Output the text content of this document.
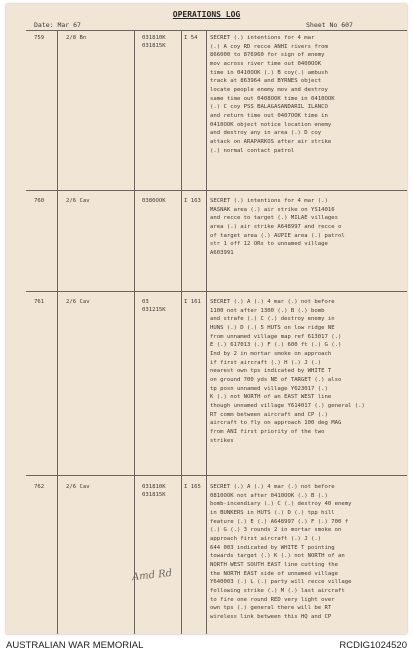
OPERATIONS LOG
Date: Mar 67	Sheet No 607
759	2/8 Bn	031810K
031815K
I 54 SECRET (.) intentions for 4 mar
(.) A coy RD recce ANHI rivers from
866000 to 876960 for sign of enemy
mov across river time out 0400OOK
time in 0410OOK (.) B coy(.) ambush
track at 863964 and BYRNES object
locate people enemy mov and destroy
same time out 0408OOK time in 0410OOK
(.) C coy PSS BALAGASANDARIL ILANCO
and return time out 0407OOK time in
0410OOK object notice location enemy
and destroy any in area (.) D coy
attack on ARAPARKOS after air strike
(.) normal contact patrol
760	2/6 Cav	0380OOK	I 163 SECRET (.) intentions for 4 mar (.)
MASNAK area (.) air strike on YS14016
and recce to target (.) MILAE villages
area (.) air strike A648997 and recce o
of target area (.) AUPIE area (.) patrol
str 1 off 12 ORs to unnamed village
A603991
761	2/6 Cav	03
031215K
I 161 SECRET (.) A (.) 4 mar (.) not before
1100 not after 1300 (.) B (.) bomb
and strafe (.) C (.) destroy enemy in
HUNS (.) D (.) 5 HUTS on low ridge NE
from unnamed village map ref 613017 (.)
E (.) 617013 (.) F (.) 600 ft (.) G (.)
Ind by 2 in mortar smoke on approach
if first aircraft (.) H (.) J (.)
nearest own tps indicated by WHITE T
on ground 700 yds NE of TARGET (.) also
tp posn unnamed village Y623017 (.)
K (.) not NORTH of an EAST WEST line
though unnamed village Y614017 (.) general (.)
RT comm between aircraft and CP (.)
aircraft to fly on approach 100 deg MAG
from ANI first priority of the two
strikes
762	2/6 Cav	031810K
031815K
I 165 SECRET (.) A (.) 4 mar (.) not before
0810OOK not after 0410OOK (.) B (.)
bomb-incendiary (.) C (.) destroy 40 enemy
in BUNKERS in HUTS (.) D (.) tpp hill
feature (.) E (.) A648997 (.) F (.) 700 f
(.) G (.) 3 rounds 2 in mortar smoke on
approach first aircraft (.) J (.)
644 003 indicated by WHITE T pointing
towards target (.) K (.) not NORTH of an
NORTH WEST SOUTH EAST line cutting the
the NORTH EAST side of unnamed village
Y640003 (.) L (.) party will recce village
following strike (.) M (.) last aircraft
to fire one round RED very light over
own tps (.) general there will be RT
wireless link between this HQ and CP
Amd Rd
AUSTRALIAN WAR MEMORIAL	RCDIG1024520
